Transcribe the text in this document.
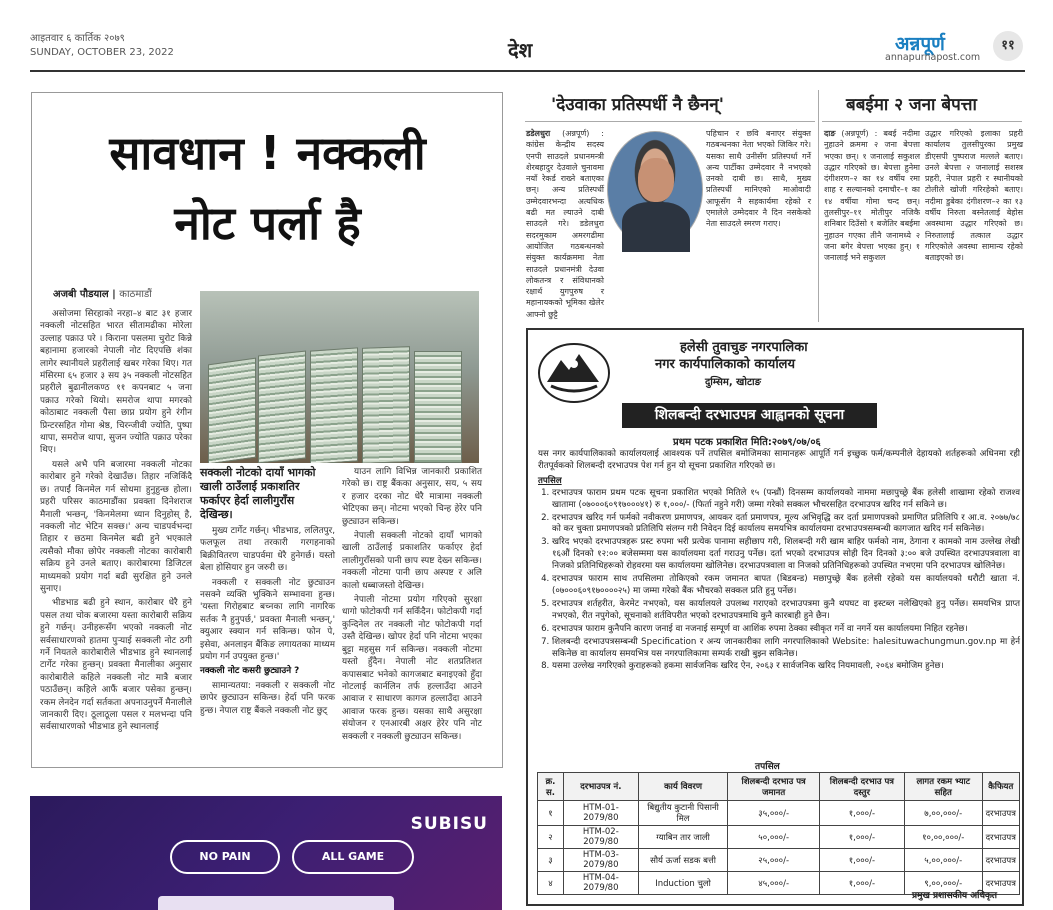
आइतवार ६ कार्तिक २०७९
SUNDAY, OCTOBER 23, 2022	देश	अन्नपूर्ण
annapurnapost.com
११
सावधान ! नक्कली
नोट पर्ला है
अजबी पौडयाल | काठमाडौं

असोजमा सिरहाको नरहा–४ बाट ३१ हजार नक्कली नोटसहित भारत सीतामढीका मोरेला उल्लाह पक्राउ परे । किराना पसलमा चुरोट किन्ने बहानामा हजारको नेपाली नोट दिएपछि शंका लागेर स्थानीयले प्रहरीलाई खबर गरेका थिए। गत मंसिरमा ६५ हजार ३ सय ३५ नक्कली नोटसहित प्रहरीले बुढानीलकण्ठ ११ कपनबाट ५ जना पक्राउ गरेको थियो। समरोज थापा मगरको कोठाबाट नक्कली पैसा छाप्न प्रयोग हुने रंगीन प्रिन्टरसहित गोमा श्रेष्ठ, चिरन्जीवी ज्योति, पुष्पा थापा, समरोज थापा, सुजन ज्योति पक्राउ परेका थिए।

यसले अभै पनि बजारमा नक्कली नोटका कारोबार हुने गरेको देखाउँछ। तिहार नजिकिँदै छ। तपाईं किनमेल गर्न सोधमा हुनुहुन्छ होला। प्रहरी परिसर काठमाडौंका प्रवक्ता दिनेशराज मैनाली भन्छन्, 'किनमेलमा ध्यान दिनुहोस् है, नक्कली नोट भेटिन सक्छ।' अन्य चाडपर्वभन्दा तिहार र छठमा किनमेल बढी हुने भएकाले त्यसैको मौका छोपेर नक्कली नोटका कारोबारी सक्रिय हुने उनले बताए। कारोबारमा डिजिटल माध्यमको प्रयोग गर्दा बढी सुरक्षित हुने उनले सुनाए।

भीडभाड बढी हुने स्थान, कारोबार धेरै हुने पसल तथा चोक बजारमा यस्ता कारोबारी सक्रिय हुने गर्छन्। उनीहरूसँग भएको नक्कली नोट सर्वसाधारणको हातमा पुऱ्याई सक्कली नोट ठगी गर्ने नियतले कारोबारीले भीडभाड हुने स्थानलाई टार्गेट गरेका हुन्छन्। प्रवक्ता मैनालीका अनुसार कारोबारीले कहिले नक्कली नोट मात्रै बजार पठाउँछन्। कहिले आफैं बजार पसेका हुन्छन्। रकम लेनदेन गर्दा सर्तकता अपनाउनुपर्ने मैनालीले जानकारी दिए। ठूलाठूला पसल र मलभन्दा पनि सर्वसाधारणको भीडभाड हुने स्थानलाई

सक्कली नोटको दायाँ भागको खाली ठाउँलाई प्रकाशतिर फर्काएर हेर्दा लालीगुराँस देखिन्छ।

मुख्य टार्गेट गर्छन्। भीडभाड, ललितपुर, फलफूल तथा तरकारी गरगहनाको बिक्रीवितरण चाडपर्वमा धेरै हुनेगर्छ। यस्तो बेला होसियार हुन जरुरी छ।

नक्कली र सक्कली नोट छुट्याउन नसक्ने व्यक्ति भुक्किने सम्भावना हुन्छ। 'यस्ता गिरोहबाट बच्नका लागि नागरिक सर्तक नै हुनुपर्छ,' प्रवक्ता मैनाली भन्छन्,' क्युआर स्क्यान गर्न सकिन्छ। फोन पे, इसेवा, अनलाइन बैंकिङ लगायतका माध्यम प्रयोग गर्न उपयुक्त हुन्छ।'

नक्कली नोट कसरी छुट्याउने ?

सामान्यतया: नक्कली र सक्कली नोट छापेर छुट्याउन सकिन्छ। हेर्दा पनि फरक हुन्छ। नेपाल राष्ट्र बैंकले नक्कली नोट छुट्

याउन लागि विभिन्न जानकारी प्रकाशित गरेको छ। राष्ट्र बैंकका अनुसार, सय, ५ सय र हजार दरका नोट धेरै मात्रामा नक्कली भेटिएका छन्। नोटमा भएको चिन्ह हेरेर पनि छुट्याउन सकिन्छ।

नेपाली सक्कली नोटको दायाँ भागको खाली ठाउँलाई प्रकाशतिर फर्काएर हेर्दा लालीगुराँसको पानी छाप स्पष्ट देख्न सकिन्छ। नक्कली नोटमा पानी छाप अस्पष्ट र अलि कालो धब्बाजस्तो देखिन्छ।

नेपाली नोटमा प्रयोग गरिएको सुरक्षा धागो फोटोकपी गर्न सकिँदैन। फोटोकपी गर्दा कुन्दिनेल तर नक्कली नोट फोटोकपी गर्दा उस्तै देखिन्छ। खोपर हेर्दा पनि नोटमा भएका बुट्टा महसुस गर्न सकिन्छ। नक्कली नोटमा यस्तो हुँदैन। नेपाली नोट शतप्रतिशत कपासबाट भनेको कागजबाट बनाइएको हुँदा नोटलाई कार्नलिन तर्फ हल्लाउँदा आउने आवाज र साधारण कागज हल्लाउँदा आउने आवाज फरक हुन्छ। यसका साथै असुरक्षा संयोजन र एनआरबी अक्षर हेरेर पनि नोट सक्कली र नक्कली छुट्याउन सकिन्छ।

'देउवाका प्रतिस्पर्धी नै छैनन्'	बबईमा २ जना बेपत्ता
डडेलधुरा (अन्नपूर्ण) : कांग्रेस केन्द्रीय सदस्य एनपी साउदले प्रधानमन्त्री शेरबहादुर देउवाले चुनावमा नयाँ रेकर्ड राख्ने बताएका छन्। अन्य प्रतिस्पर्धी उम्मेदवारभन्दा अत्यधिक बढी मत ल्याउने दाबी साउदले गरे। डडेलधुरा सदरमुकाम अमरगढीमा आयोजित गठबन्धनको संयुक्त कार्यक्रममा नेता साउदले प्रधानमंत्री देउवा लोकतन्त्र र संविधानको रक्षार्थ युगपुरुष र महानायकको भूमिका खेलेर आफ्नो छुट्टै
पहिचान र छवि बनाएर संयुक्त गठबन्धनका नेता भएको जिकिर गरे। यसका साथै उनीसँग प्रतिस्पर्धा गर्ने अन्य पार्टीका उम्मेदवार नै नभएको उनको दाबी छ। साथै, मुख्य प्रतिस्पर्धी मानिएको माओवादी आफूसँग नै सहकार्यमा रहेको र एमालेले उम्मेदवार नै दिन नसकेको नेता साउदले स्मरण गराए।
दाङ (अन्नपूर्ण) : बबई नदीमा नुहाउने क्रममा २ जना बेपत्ता भएका छन्। १ जनालाई सकुशल उद्धार गरिएको छ। बेपत्ता हुनेमा दंगीशरण–२ का १४ वर्षीय रमा शाह र सल्यानको दमाचौर–१ का १४ वर्षीया गोमा चन्द छन्। तुलसीपुर–११ मोतीपुर नजिकै शनिबार दिउँसो १ बजेतिर बबईमा नुहाउन गएका तीनै जनामध्ये २ जना बगेर बेपत्ता भएका हुन्। १ जनालाई भने सकुशल
उद्धार गरिएको इलाका प्रहरी कार्यालय तुलसीपुरका प्रमुख डीएसपी पुष्पराज मल्लले बताए। उनले बेपत्ता २ जनालाई सशस्त्र प्रहरी, नेपाल प्रहरी र स्थानीयको टोलीले खोजी गरिरहेको बताए। नदीमा डुबेका दंगीशरण–२ का १३ वर्षीय निरुता बस्नेतलाई बेहोस अवस्थामा उद्धार गरिएको छ। निरुतालाई तत्काल उद्धार गरिएकोले अवस्था सामान्य रहेको बताइएको छ।
हलेसी तुवाचुङ नगरपालिका
नगर कार्यपालिकाको कार्यालय
दुम्सिम, खोटाङ
शिलबन्दी दरभाउपत्र आह्वानको सूचना
प्रथम पटक प्रकाशित मिति:२०७९/०७/०६
यस नगर कार्यपालिकाको कार्यालयलाई आवश्यक पर्ने तपसिल बमोजिमका सामानहरू आपूर्ति गर्न इच्छुक फर्म/कम्पनीले देहायको शर्तहरूको अधिनमा रही रीतपूर्वकको शिलबन्दी दरभाउपत्र पेश गर्न हुन यो सूचना प्रकाशित गरिएको छ।
तपसिल
1. दरभाउपत्र फाराम प्रथम पटक सूचना प्रकाशित भएको मितिले १५ (पन्ध्रौं) दिनसम्म कार्यालयको नाममा मछापुच्छ्रे बैंक हलेसी शाखामा रहेको राजश्व खातामा (०७०००६०९१७०००४१) रु १,०००/- (फिर्ता नहुने गरी) जम्मा गरेको सक्कल भौचरसहित दरभाउपत्र खरिद गर्न सकिने छ।
2. दरभाउपत्र खरिद गर्न फर्मको नवीकरण प्रमाणपत्र, आयकर दर्ता प्रमाणपत्र, मूल्य अभिवृद्धि कर दर्ता प्रमाणपत्रको प्रमाणित प्रतिलिपि र आ.व. २०७७/७८ को कर चुक्ता प्रमाणपत्रको प्रतिलिपि संलग्न गरी निवेदन दिई कार्यालय समयभित्र कार्यालयमा दरभाउपत्रसम्बन्धी कागजात खरिद गर्न सकिनेछ।
3. खरिद भएको दरभाउपत्रहरू प्रस्ट रुपमा भरी प्रत्येक पानामा सहीछाप गरी, शिलबन्दी गरी खाम बाहिर फर्मको नाम, ठेगाना र कामको नाम उल्लेख लेखी १६औं दिनको १२:०० बजेसम्ममा यस कार्यालयमा दर्ता गराउनु पर्नेछ। दर्ता भएको दरभाउपत्र सोही दिन दिनको ३:०० बजे उपस्थित दरभाउपत्रवाला वा निजको प्रतिनिधिहरूको रोहवरमा यस कार्यालयमा खोलिनेछ। दरभाउपत्रवाला वा निजको प्रतिनिधिहरूको उपस्थित नभएमा पनि दरभाउपत्र खोलिनेछ।
4. दरभाउपत्र फाराम साथ तपसिलमा तोकिएको रकम जमानत बापत (बिडबन्ड) मछापुच्छ्रे बैंक हलेसी रहेको यस कार्यालयको धरौटी खाता नं. (०७०००६०९१७००००२५) मा जम्मा गरेको बैंक भौचरको सक्कल प्रति हुनु पर्नेछ।
5. दरभाउपत्र शर्तहरीत, केरमेट नभएको, यस कार्यालयले उपलब्ध गराएको दरभाउपत्रमा कुनै थपघट वा इस्टब्ल नलेखिएको हुनु पर्नेछ। समयभित्र प्राप्त नभएको, रीत नपुगेको, सूचनाको शर्तविपरीत भएको दरभाउपत्रमाथि कुनै कारबाही हुने छैन।
6. दरभाउपत्र फाराम कुनैपनि कारण जनाई वा नजनाई सम्पूर्ण वा आशिंक रुपमा ठेक्का स्वीकृत गर्ने वा नगर्ने यस कार्यालयमा निहित रहनेछ।
7. शिलबन्दी दरभाउपत्रसम्बन्धी Specification र अन्य जानकारीका लागि नगरपालिकाको Website: halesituwachungmun.gov.np मा हेर्न सकिनेछ वा कार्यालय समयभित्र यस नगरपालिकामा सम्पर्क राखी बुझ्न सकिनेछ।
8. यसमा उल्लेख नगरिएको कुराहरूको हकमा सार्वजनिक खरिद ऐन, २०६३ र सार्वजनिक खरिद नियमावली, २०६४ बमोजिम हुनेछ।
तपसिल
क्र. स.	दरभाउपत्र नं.	कार्य विवरण	शिलबन्दी दरभाउ पत्र जमानत	शिलबन्दी दरभाउ पत्र दस्तुर	लागत रकम भ्याट सहित	कैफियत
१	HTM-01-2079/80	बिद्युतीय कुटानी पिसानी मिल	३५,०००/-	१,०००/-	७,००,०००/-	दरभाउपत्र
२	HTM-02-2079/80	ग्याबिन तार जाली	५०,०००/-	१,०००/-	१०,००,०००/-	दरभाउपत्र
३	HTM-03-2079/80	सौर्य ऊर्जा सडक बत्ती	२५,०००/-	१,०००/-	५,००,०००/-	दरभाउपत्र
४	HTM-04-2079/80	Induction चुलो	४५,०००/-	१,०००/-	९,००,०००/-	दरभाउपत्र
प्रमुख प्रशासकीय अधिकृत
SUBISU
NO PAIN	ALL GAME
